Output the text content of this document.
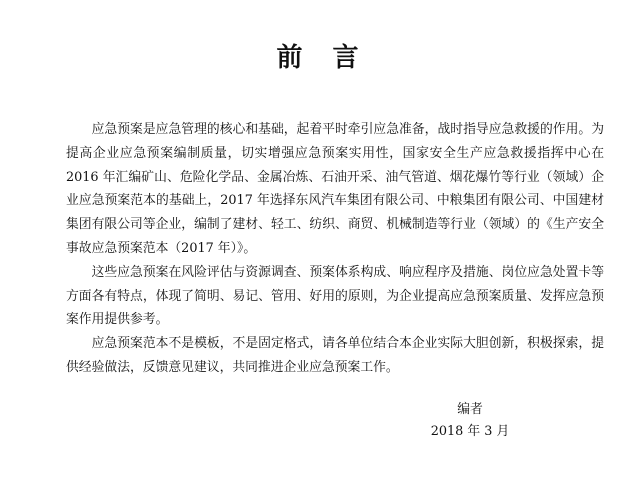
前言

应急预案是应急管理的核心和基础，起着平时牵引应急准备，战时指导应急救援的作用。为提高企业应急预案编制质量，切实增强应急预案实用性，国家安全生产应急救援指挥中心在 2016 年汇编矿山、危险化学品、金属冶炼、石油开采、油气管道、烟花爆竹等行业（领域）企业应急预案范本的基础上，2017 年选择东风汽车集团有限公司、中粮集团有限公司、中国建材集团有限公司等企业，编制了建材、轻工、纺织、商贸、机械制造等行业（领域）的《生产安全事故应急预案范本（2017 年）》。

这些应急预案在风险评估与资源调查、预案体系构成、响应程序及措施、岗位应急处置卡等方面各有特点，体现了简明、易记、管用、好用的原则，为企业提高应急预案质量、发挥应急预案作用提供参考。

应急预案范本不是模板，不是固定格式，请各单位结合本企业实际大胆创新，积极探索，提供经验做法，反馈意见建议，共同推进企业应急预案工作。

编者
2018 年 3 月
